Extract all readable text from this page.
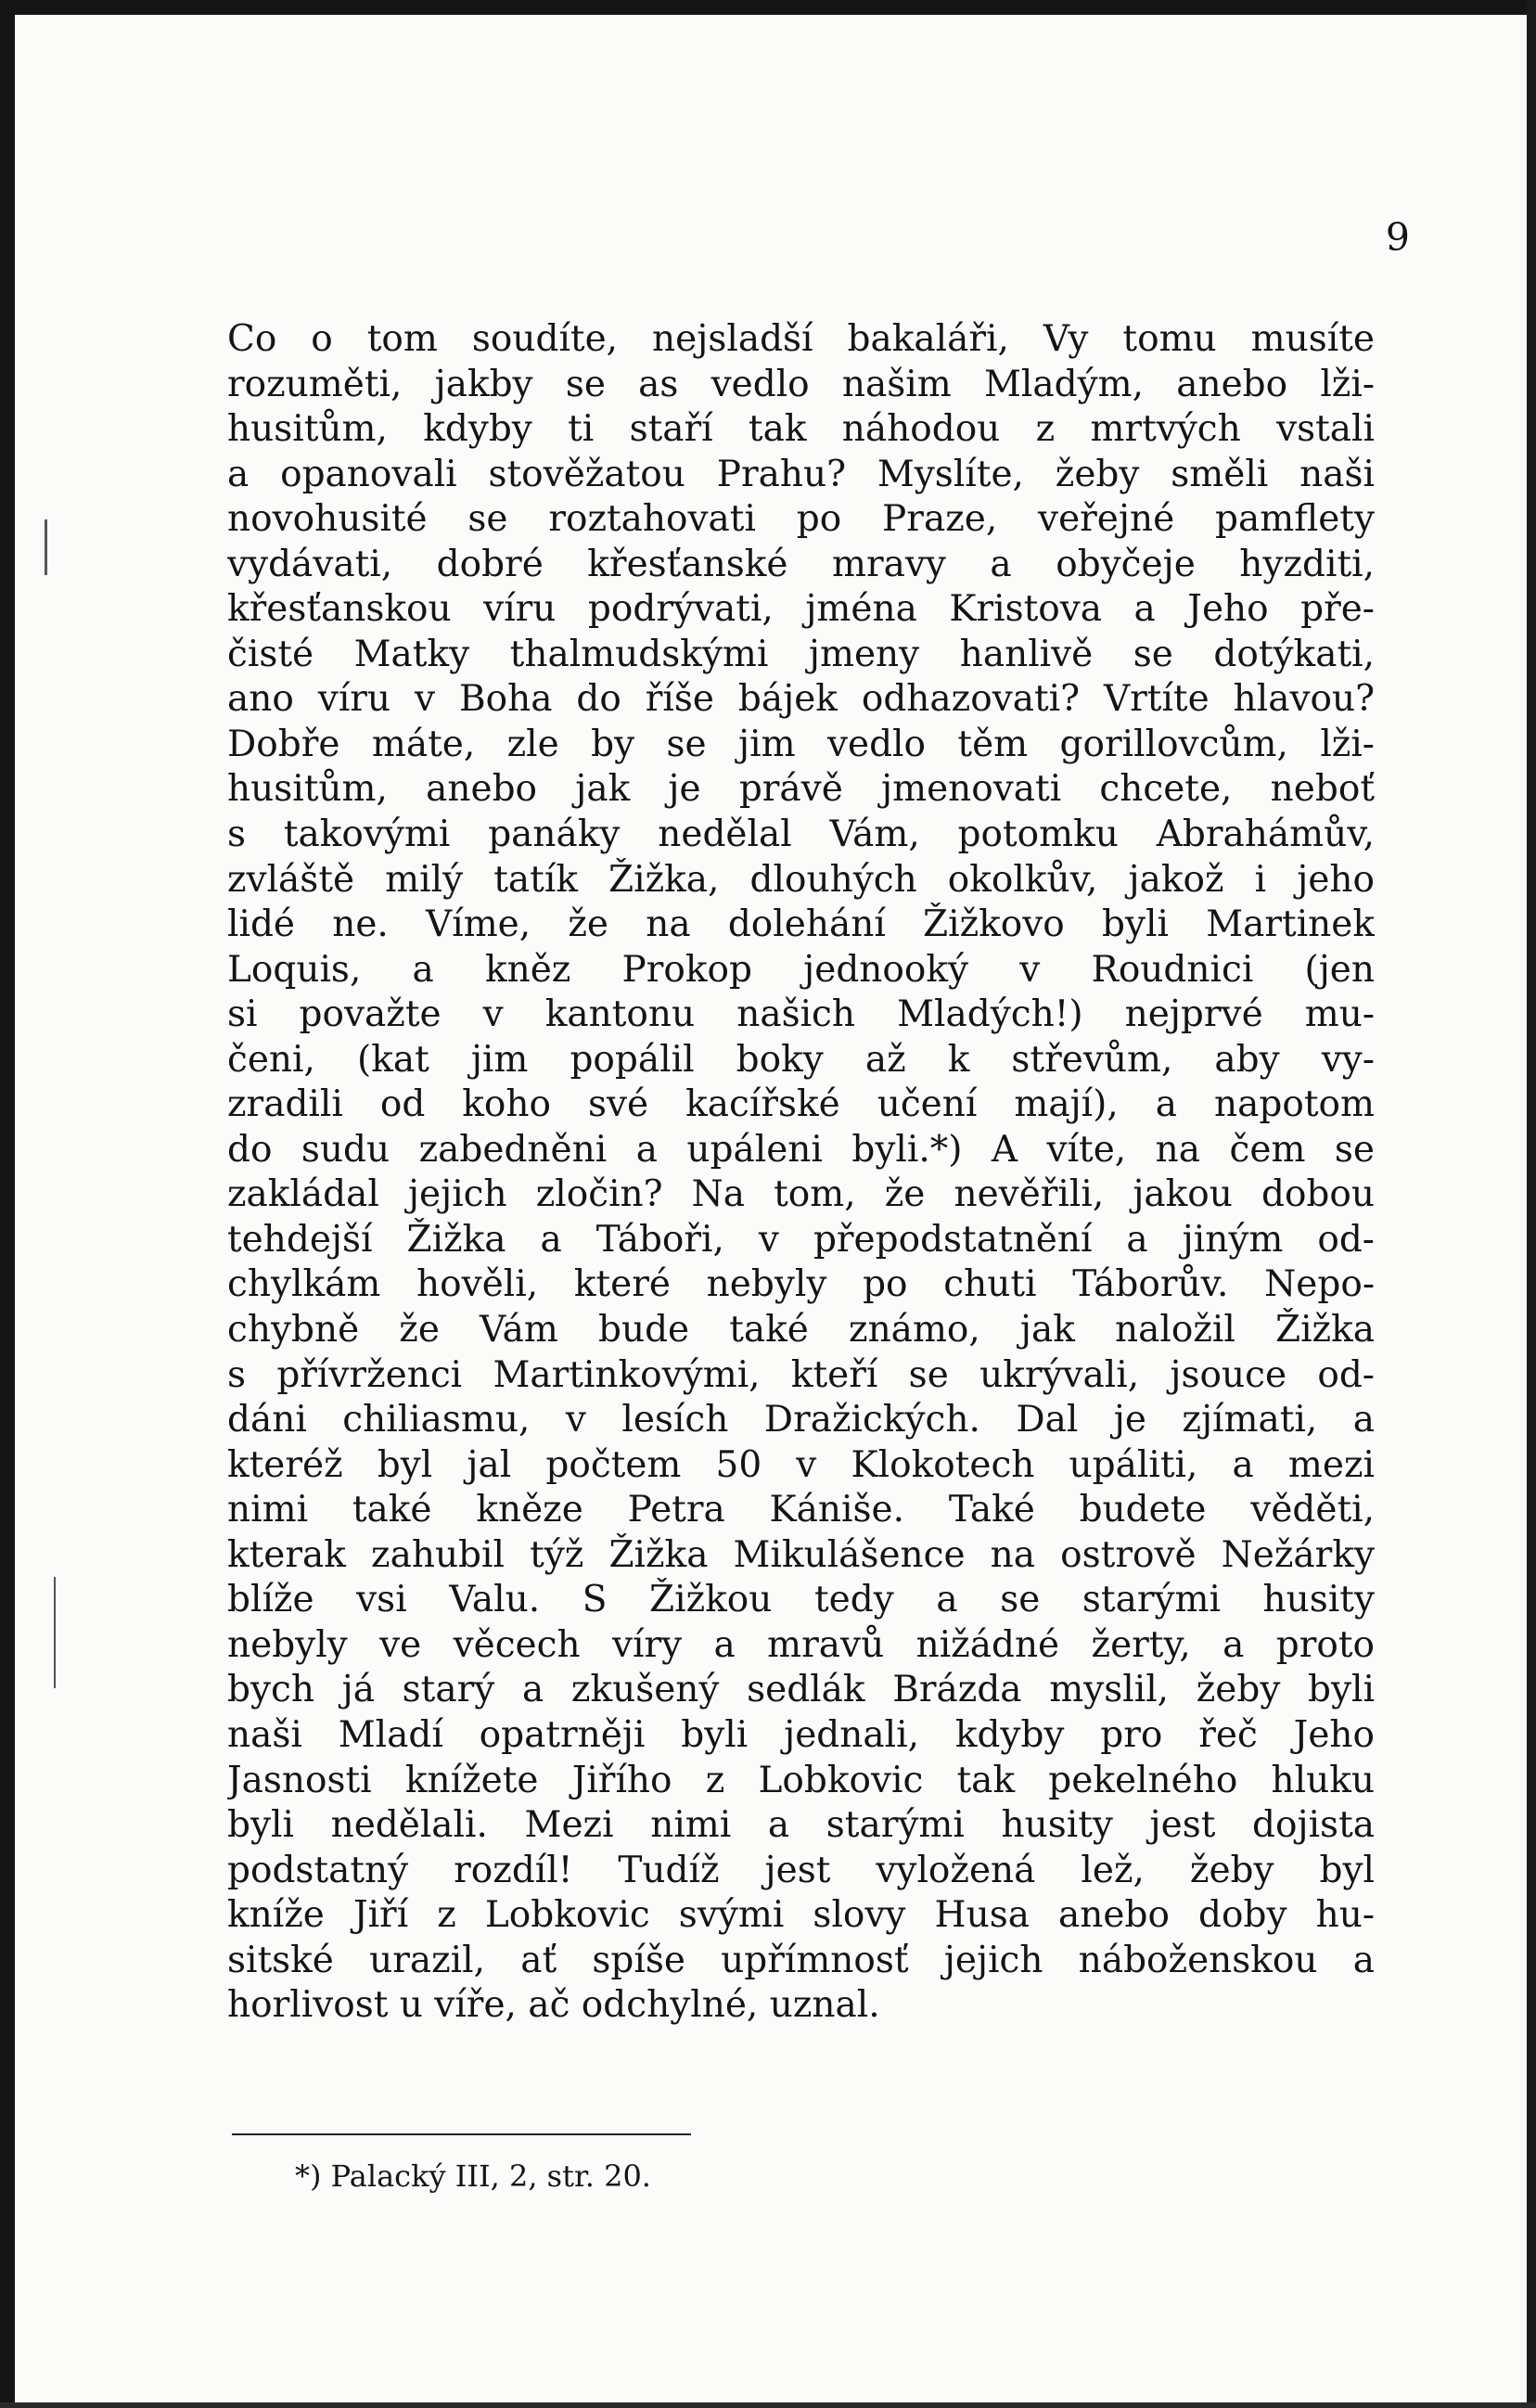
9
Co o tom soudíte, nejsladší bakaláři, Vy tomu musíte
rozuměti, jakby se as vedlo našim Mladým, anebo lži-
husitům, kdyby ti staří tak náhodou z mrtvých vstali
a opanovali stověžatou Prahu? Myslíte, žeby směli naši
novohusité se roztahovati po Praze, veřejné pamflety
vydávati, dobré křesťanské mravy a obyčeje hyzditi,
křesťanskou víru podrývati, jména Kristova a Jeho pře-
čisté Matky thalmudskými jmeny hanlivě se dotýkati,
ano víru v Boha do říše bájek odhazovati? Vrtíte hlavou?
Dobře máte, zle by se jim vedlo těm gorillovcům, lži-
husitům, anebo jak je právě jmenovati chcete, neboť
s takovými panáky nedělal Vám, potomku Abrahámův,
zvláště milý tatík Žižka, dlouhých okolkův, jakož i jeho
lidé ne. Víme, že na dolehání Žižkovo byli Martinek
Loquis, a kněz Prokop jednooký v Roudnici (jen
si považte v kantonu našich Mladých!) nejprvé mu-
čeni, (kat jim popálil boky až k střevům, aby vy-
zradili od koho své kacířské učení mají), a napotom
do sudu zabedněni a upáleni byli.*) A víte, na čem se
zakládal jejich zločin? Na tom, že nevěřili, jakou dobou
tehdejší Žižka a Táboři, v přepodstatnění a jiným od-
chylkám hověli, které nebyly po chuti Táborův. Nepo-
chybně že Vám bude také známo, jak naložil Žižka
s přívrženci Martinkovými, kteří se ukrývali, jsouce od-
dáni chiliasmu, v lesích Dražických. Dal je zjímati, a
kteréž byl jal počtem 50 v Klokotech upáliti, a mezi
nimi také kněze Petra Kániše. Také budete věděti,
kterak zahubil týž Žižka Mikulášence na ostrově Nežárky
blíže vsi Valu. S Žižkou tedy a se starými husity
nebyly ve věcech víry a mravů nižádné žerty, a proto
bych já starý a zkušený sedlák Brázda myslil, žeby byli
naši Mladí opatrněji byli jednali, kdyby pro řeč Jeho
Jasnosti knížete Jiřího z Lobkovic tak pekelného hluku
byli nedělali. Mezi nimi a starými husity jest dojista
podstatný rozdíl! Tudíž jest vyložená lež, žeby byl
kníže Jiří z Lobkovic svými slovy Husa anebo doby hu-
sitské urazil, ať spíše upřímnosť jejich náboženskou a
horlivost u víře, ač odchylné, uznal.
*) Palacký III, 2, str. 20.
